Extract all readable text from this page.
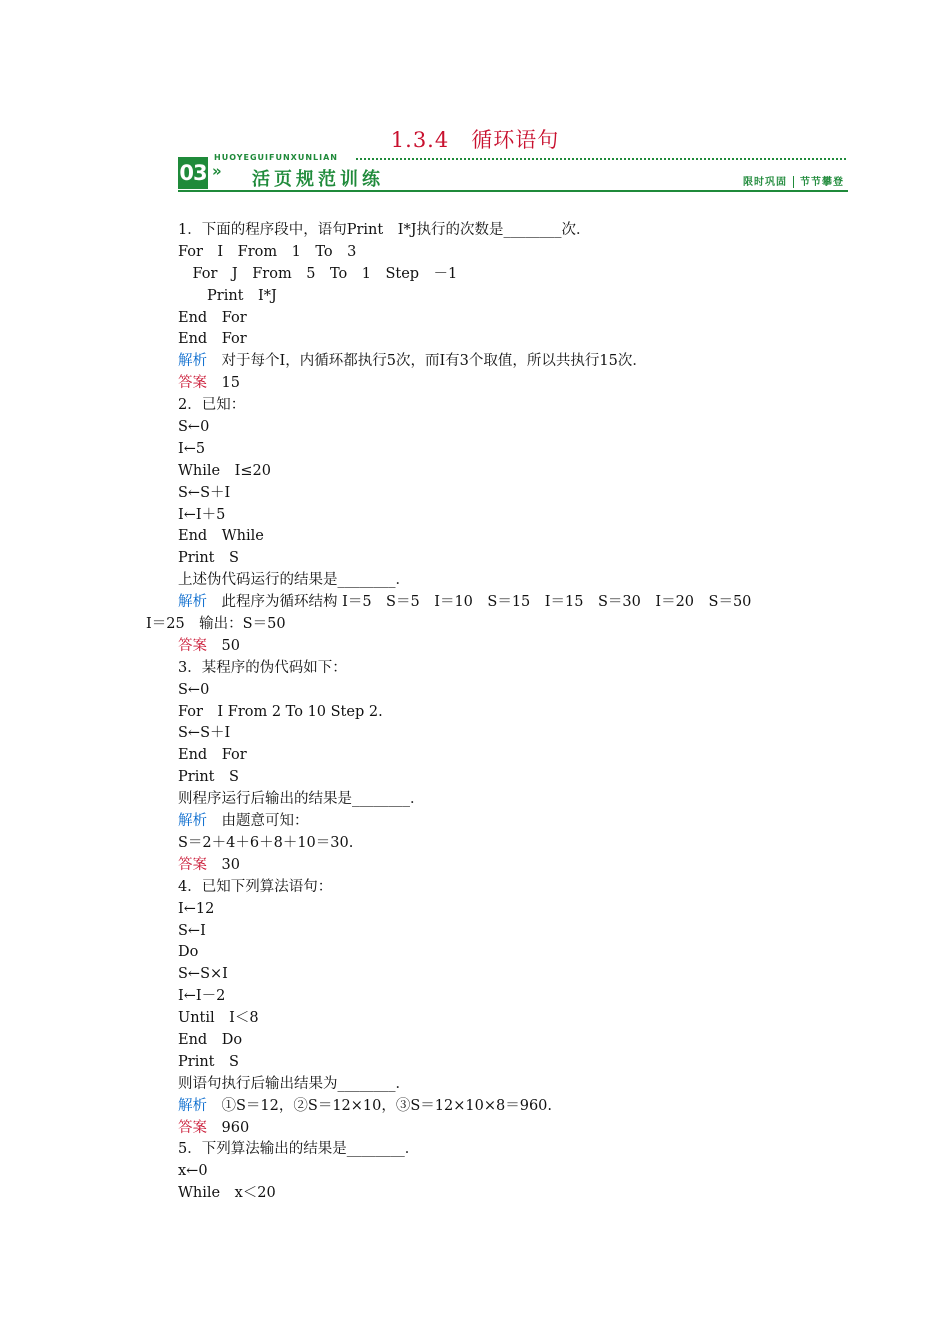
1.3.4　循环语句
03
HUOYEGUIFUNXUNLIAN
» 活页规范训练	限时巩固 节节攀登
1．下面的程序段中，语句Print　I*J执行的次数是________次．
For　I　From　1　To　3
　For　J　From　5　To　1　Step　－1
　　Print　I*J
End　For
End　For
解析　对于每个I，内循环都执行5次，而I有3个取值，所以共执行15次．
答案　15
2．已知：
S←0
I←5
While　I≤20
S←S＋I
I←I＋5
End　While
Print　S
上述伪代码运行的结果是________．
解析　此程序为循环结构 I＝5　S＝5　I＝10　S＝15　I＝15　S＝30　I＝20　S＝50
I＝25　输出：S＝50
答案　50
3．某程序的伪代码如下：
S←0
For　I From 2 To 10 Step 2.
S←S＋I
End　For
Print　S
则程序运行后输出的结果是________．
解析　由题意可知：
S＝2＋4＋6＋8＋10＝30.
答案　30
4．已知下列算法语句：
I←12
S←I
Do
S←S×I
I←I－2
Until　I＜8
End　Do
Print　S
则语句执行后输出结果为________．
解析　①S＝12，②S＝12×10，③S＝12×10×8＝960.
答案　960
5．下列算法输出的结果是________．
x←0
While　x＜20
